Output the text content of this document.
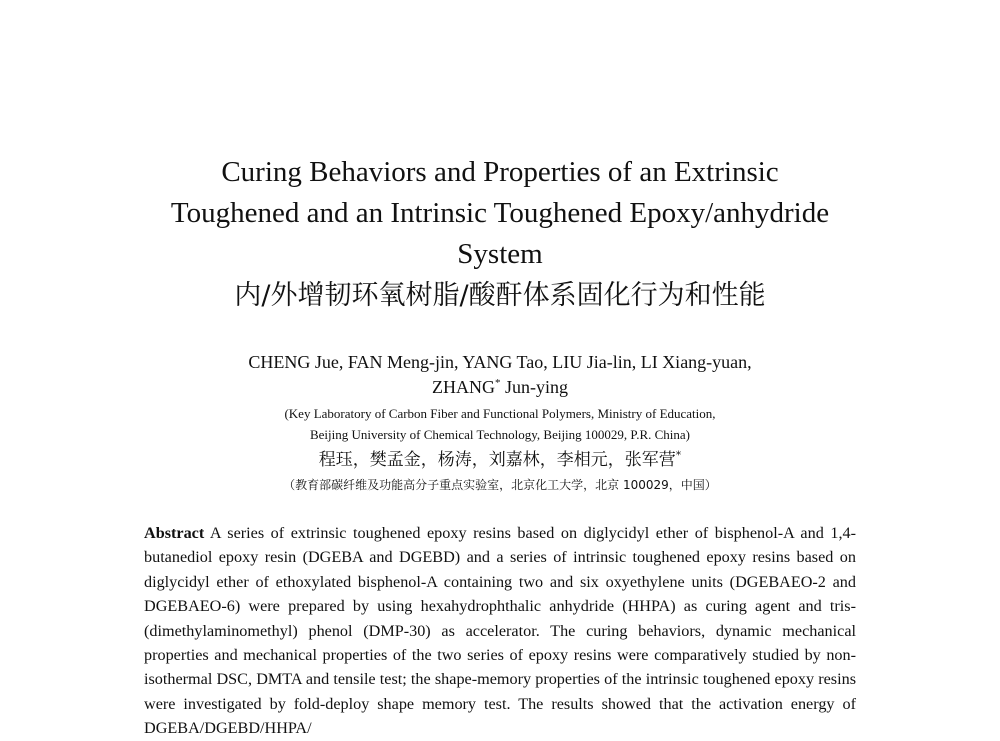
Curing Behaviors and Properties of an Extrinsic
Toughened and an Intrinsic Toughened Epoxy/anhydride
System
内/外增韧环氧树脂/酸酐体系固化行为和性能

CHENG Jue, FAN Meng-jin, YANG Tao, LIU Jia-lin, LI Xiang-yuan,
ZHANG* Jun-ying

(Key Laboratory of Carbon Fiber and Functional Polymers, Ministry of Education,
Beijing University of Chemical Technology, Beijing 100029, P.R. China)

程珏，樊孟金，杨涛，刘嘉林，李相元，张军营*

（教育部碳纤维及功能高分子重点实验室，北京化工大学，北京 100029，中国）

Abstract A series of extrinsic toughened epoxy resins based on diglycidyl ether of bisphenol-A and 1,4-butanediol epoxy resin (DGEBA and DGEBD) and a series of intrinsic toughened epoxy resins based on diglycidyl ether of ethoxylated bisphenol-A containing two and six oxyethylene units (DGEBAEO-2 and DGEBAEO-6) were prepared by using hexahydrophthalic anhydride (HHPA) as curing agent and tris-(dimethylaminomethyl) phenol (DMP-30) as accelerator. The curing behaviors, dynamic mechanical properties and mechanical properties of the two series of epoxy resins were comparatively studied by non-isothermal DSC, DMTA and tensile test; the shape-memory properties of the intrinsic toughened epoxy resins were investigated by fold-deploy shape memory test. The results showed that the activation energy of DGEBA/DGEBD/HHPA/
